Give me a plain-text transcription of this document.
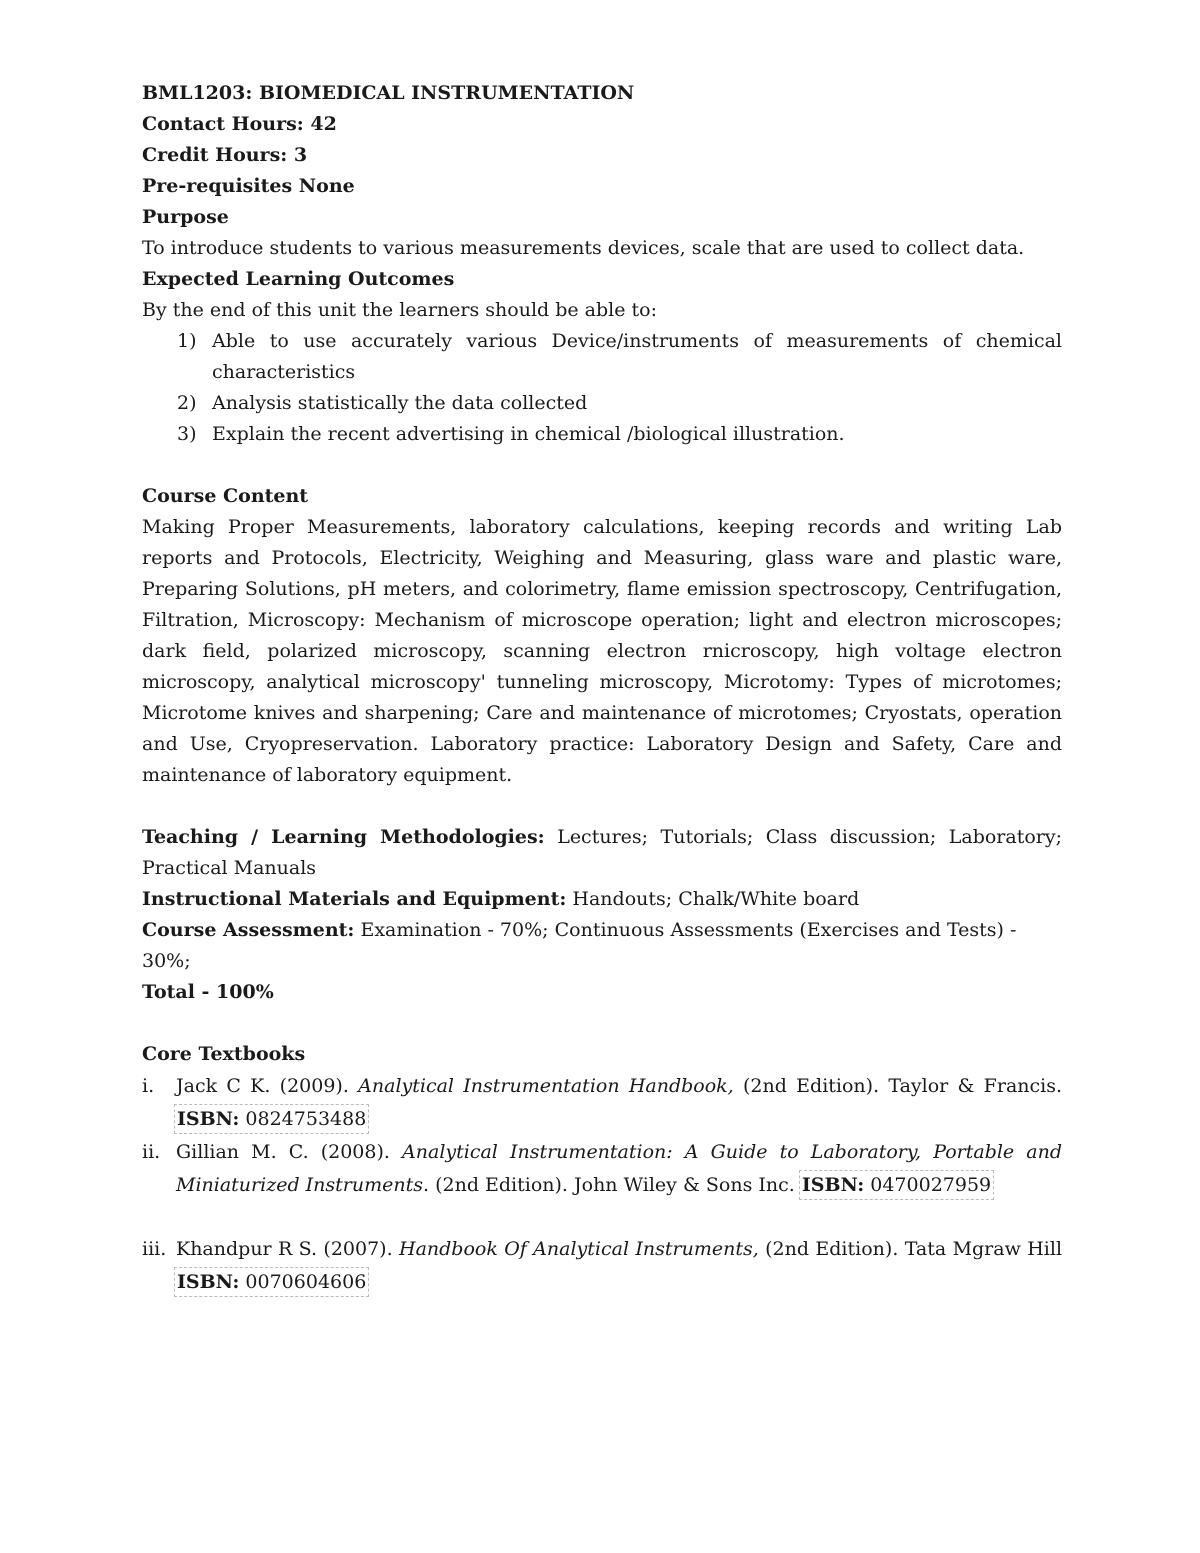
BML1203: BIOMEDICAL INSTRUMENTATION

Contact Hours: 42

Credit Hours: 3

Pre-requisites None

Purpose

To introduce students to various measurements devices, scale that are used to collect data.

Expected Learning Outcomes

By the end of this unit the learners should be able to:

1) Able to use accurately various Device/instruments of measurements of chemical characteristics
2) Analysis statistically the data collected
3) Explain the recent advertising in chemical /biological illustration.

Course Content

Making Proper Measurements, laboratory calculations, keeping records and writing Lab reports and Protocols, Electricity, Weighing and Measuring, glass ware and plastic ware, Preparing Solutions, pH meters, and colorimetry, flame emission spectroscopy, Centrifugation, Filtration, Microscopy: Mechanism of microscope operation; light and electron microscopes; dark field, polarized microscopy, scanning electron rnicroscopy, high voltage electron microscopy, analytical microscopy' tunneling microscopy, Microtomy: Types of microtomes; Microtome knives and sharpening; Care and maintenance of microtomes; Cryostats, operation and Use, Cryopreservation. Laboratory practice: Laboratory Design and Safety, Care and maintenance of laboratory equipment.

Teaching / Learning Methodologies: Lectures; Tutorials; Class discussion; Laboratory; Practical Manuals

Instructional Materials and Equipment: Handouts; Chalk/White board

Course Assessment: Examination - 70%; Continuous Assessments (Exercises and Tests) - 30%;

Total - 100%

Core Textbooks

i. Jack C K. (2009). Analytical Instrumentation Handbook, (2nd Edition). Taylor & Francis. ISBN: 0824753488
ii. Gillian M. C. (2008). Analytical Instrumentation: A Guide to Laboratory, Portable and Miniaturized Instruments. (2nd Edition). John Wiley & Sons Inc. ISBN: 0470027959
iii. Khandpur R S. (2007). Handbook Of Analytical Instruments, (2nd Edition). Tata Mgraw Hill ISBN: 0070604606
